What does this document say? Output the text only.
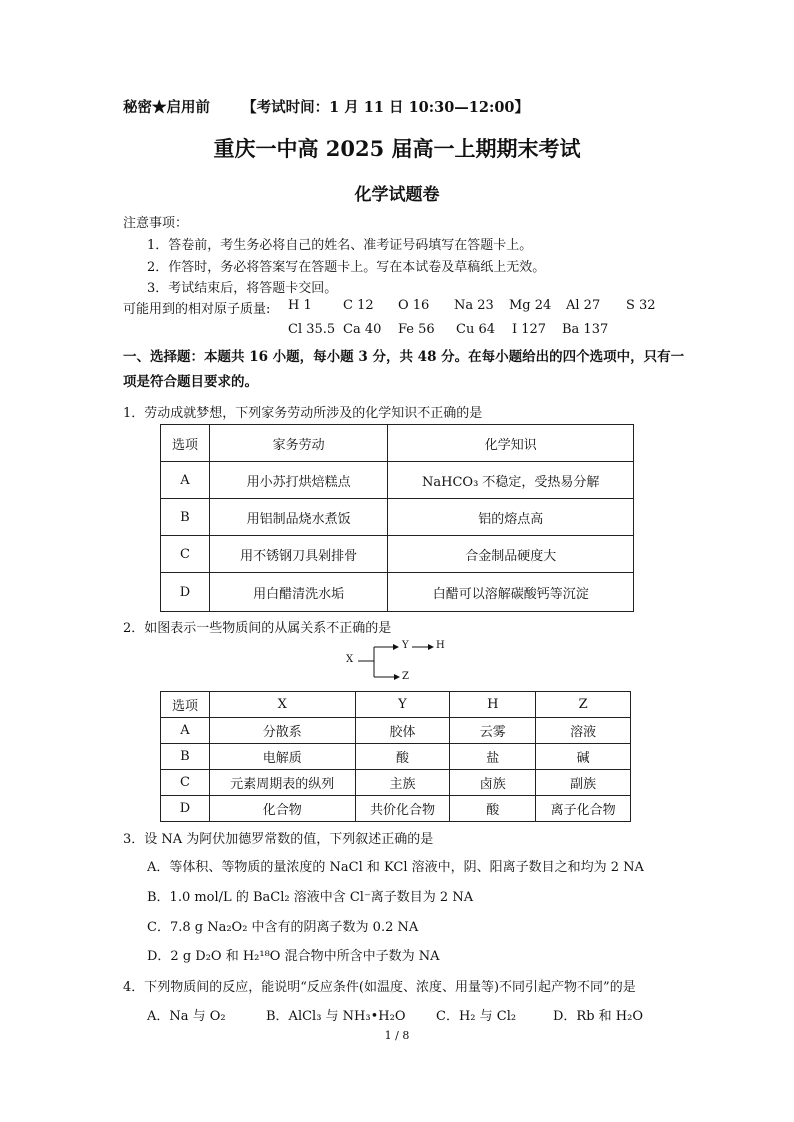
秘密★启用前 【考试时间：1 月 11 日 10:30—12:00】
重庆一中高 2025 届高一上期期末考试
化学试题卷
注意事项：
1．答卷前，考生务必将自己的姓名、准考证号码填写在答题卡上。
2．作答时，务必将答案写在答题卡上。写在本试卷及草稿纸上无效。
3．考试结束后，将答题卡交回。
可能用到的相对原子质量: H 1 C 12 O 16 Na 23 Mg 24 Al 27 S 32
Cl 35.5 Ca 40 Fe 56 Cu 64 I 127 Ba 137
一、选择题：本题共 16 小题，每小题 3 分，共 48 分。在每小题给出的四个选项中，只有一
项是符合题目要求的。
1．劳动成就梦想，下列家务劳动所涉及的化学知识不正确的是
选项	家务劳动	化学知识
A	用小苏打烘焙糕点	NaHCO₃ 不稳定，受热易分解
B	用铝制品烧水煮饭	铝的熔点高
C	用不锈钢刀具剁排骨	合金制品硬度大
D	用白醋清洗水垢	白醋可以溶解碳酸钙等沉淀
2．如图表示一些物质间的从属关系不正确的是
X
Y	H
Z
选项	X	Y	H	Z
A	分散系	胶体	云雾	溶液
B	电解质	酸	盐	碱
C	元素周期表的纵列	主族	卤族	副族
D	化合物	共价化合物	酸	离子化合物
3．设 NA 为阿伏加德罗常数的值，下列叙述正确的是
A．等体积、等物质的量浓度的 NaCl 和 KCl 溶液中，阴、阳离子数目之和均为 2 NA
B．1.0 mol/L 的 BaCl₂ 溶液中含 Cl⁻离子数目为 2 NA
C．7.8 g Na₂O₂ 中含有的阴离子数为 0.2 NA
D．2 g D₂O 和 H₂¹⁸O 混合物中所含中子数为 NA
4．下列物质间的反应，能说明“反应条件(如温度、浓度、用量等)不同引起产物不同”的是
A．Na 与 O₂	B．AlCl₃ 与 NH₃•H₂O C．H₂ 与 Cl₂	D．Rb 和 H₂O
1 / 8
